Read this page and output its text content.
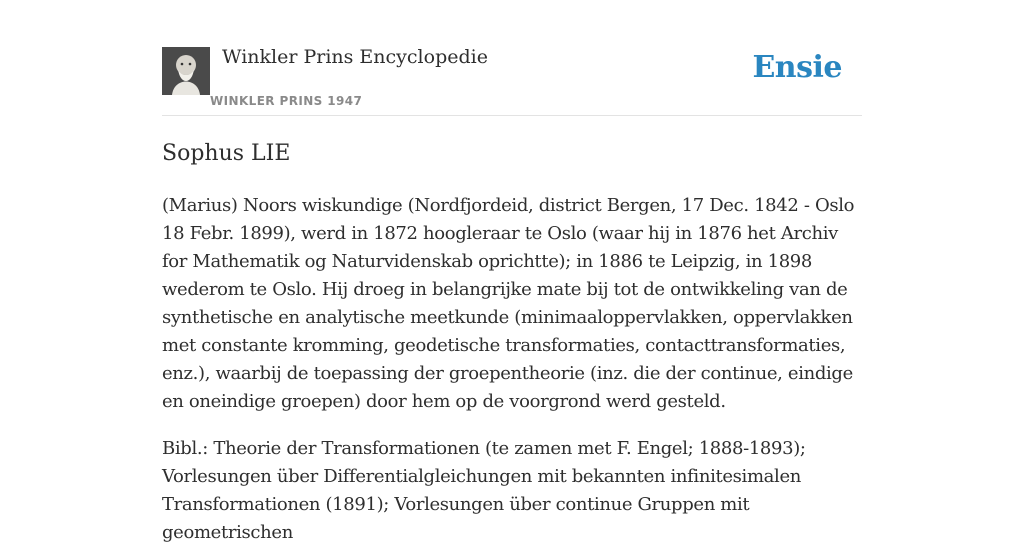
Winkler Prins Encyclopedie
WINKLER PRINS 1947
Ensie
Sophus LIE

(Marius) Noors wiskundige (Nordfjordeid, district Bergen, 17 Dec. 1842 - Oslo 18 Febr. 1899), werd in 1872 hoogleraar te Oslo (waar hij in 1876 het Archiv for Mathematik og Naturvidenskab oprichtte); in 1886 te Leipzig, in 1898 wederom te Oslo. Hij droeg in belangrijke mate bij tot de ontwikkeling van de synthetische en analytische meetkunde (minimaaloppervlakken, oppervlakken met constante kromming, geodetische transformaties, contacttransformaties, enz.), waarbij de toepassing der groepentheorie (inz. die der continue, eindige en oneindige groepen) door hem op de voorgrond werd gesteld.

Bibl.: Theorie der Transformationen (te zamen met F. Engel; 1888-1893); Vorlesungen über Differentialgleichungen mit bekannten infinitesimalen Transformationen (1891); Vorlesungen über continue Gruppen mit geometrischen
